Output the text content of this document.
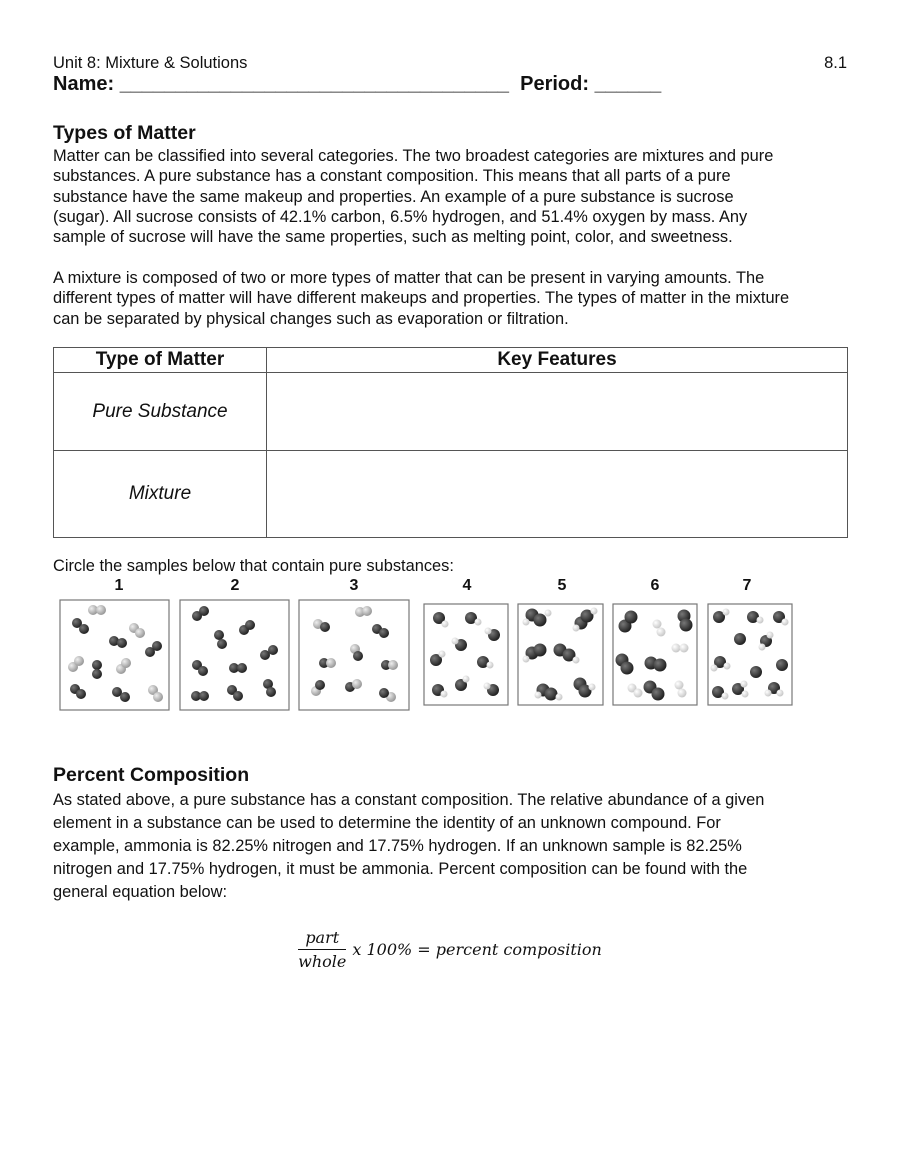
Unit 8: Mixture & Solutions	8.1
Name: ___________________________________  Period: ______
Types of Matter
Matter can be classified into several categories. The two broadest categories are mixtures and pure
substances. A pure substance has a constant composition. This means that all parts of a pure
substance have the same makeup and properties. An example of a pure substance is sucrose
(sugar). All sucrose consists of 42.1% carbon, 6.5% hydrogen, and 51.4% oxygen by mass. Any
sample of sucrose will have the same properties, such as melting point, color, and sweetness.
A mixture is composed of two or more types of matter that can be present in varying amounts. The
different types of matter will have different makeups and properties. The types of matter in the mixture
can be separated by physical changes such as evaporation or filtration.
Type of Matter	Key Features
Pure Substance	
Mixture	
Circle the samples below that contain pure substances:
1	2	3	4	5	6	7
Percent Composition
As stated above, a pure substance has a constant composition. The relative abundance of a given
element in a substance can be used to determine the identity of an unknown compound. For
example, ammonia is 82.25% nitrogen and 17.75% hydrogen. If an unknown sample is 82.25%
nitrogen and 17.75% hydrogen, it must be ammonia. Percent composition can be found with the
general equation below:
$\frac{\text{part}}{\text{whole}}$ x 100% = percent composition
